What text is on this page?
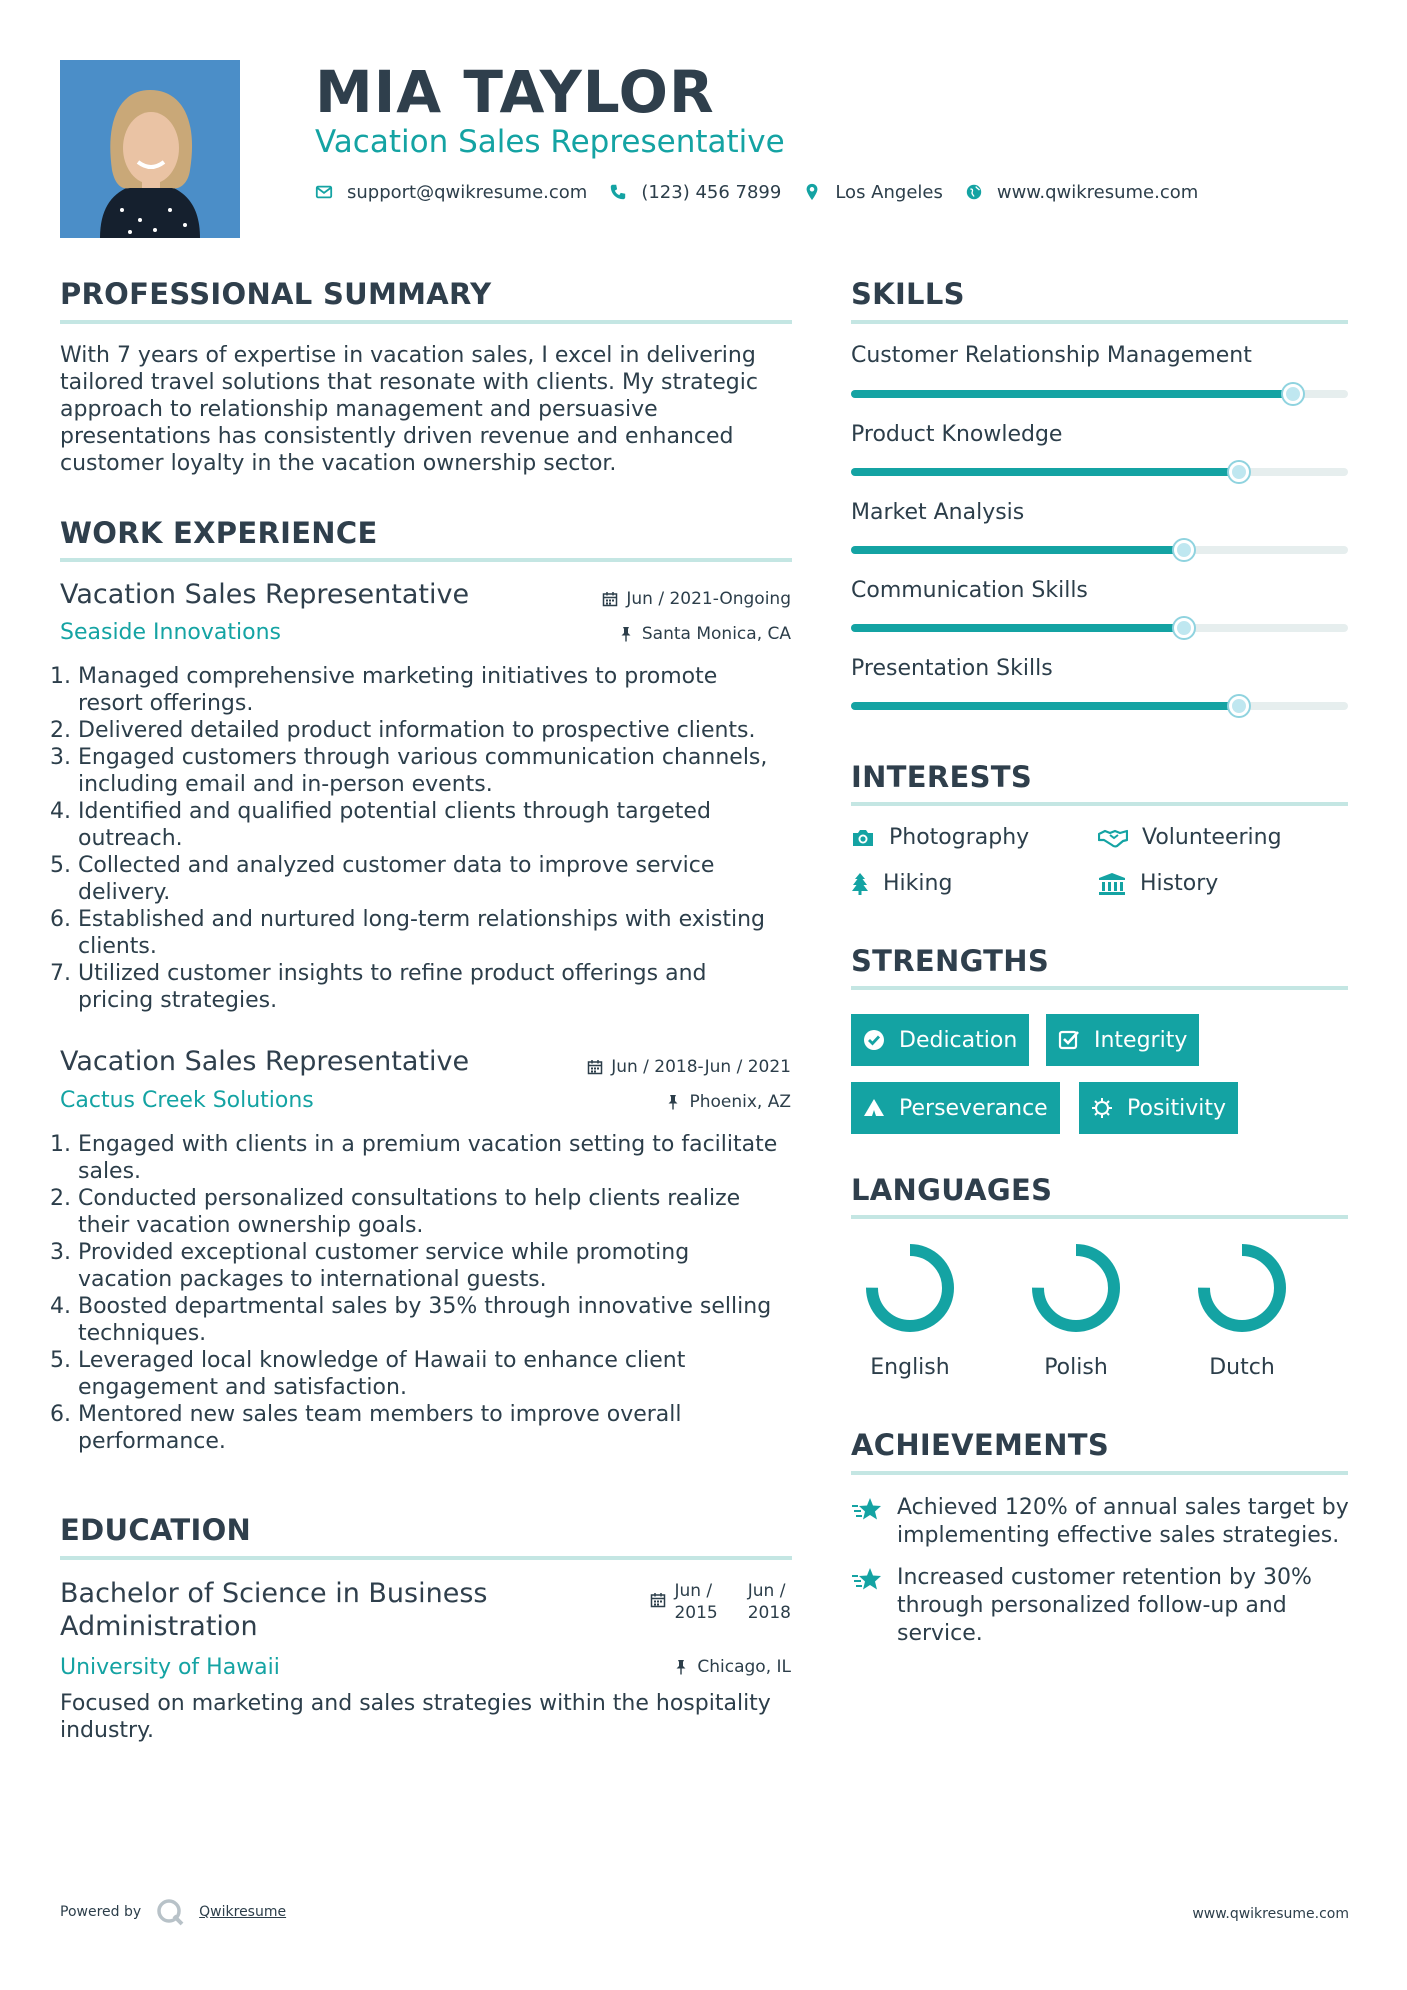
MIA TAYLOR
Vacation Sales Representative
support@qwikresume.com	(123) 456 7899	Los Angeles	www.qwikresume.com
PROFESSIONAL SUMMARY
With 7 years of expertise in vacation sales, I excel in delivering
tailored travel solutions that resonate with clients. My strategic
approach to relationship management and persuasive
presentations has consistently driven revenue and enhanced
customer loyalty in the vacation ownership sector.
WORK EXPERIENCE
Vacation Sales Representative	Jun / 2021-Ongoing
Seaside Innovations	Santa Monica, CA
1. Managed comprehensive marketing initiatives to promote
resort offerings.
2. Delivered detailed product information to prospective clients.
3. Engaged customers through various communication channels,
including email and in-person events.
4. Identified and qualified potential clients through targeted
outreach.
5. Collected and analyzed customer data to improve service
delivery.
6. Established and nurtured long-term relationships with existing
clients.
7. Utilized customer insights to refine product offerings and
pricing strategies.
Vacation Sales Representative	Jun / 2018-Jun / 2021
Cactus Creek Solutions	Phoenix, AZ
1. Engaged with clients in a premium vacation setting to facilitate
sales.
2. Conducted personalized consultations to help clients realize
their vacation ownership goals.
3. Provided exceptional customer service while promoting
vacation packages to international guests.
4. Boosted departmental sales by 35% through innovative selling
techniques.
5. Leveraged local knowledge of Hawaii to enhance client
engagement and satisfaction.
6. Mentored new sales team members to improve overall
performance.
EDUCATION
Bachelor of Science in Business
Administration
Jun /
2015
Jun /
2018
University of Hawaii	Chicago, IL
Focused on marketing and sales strategies within the hospitality
industry.
SKILLS
Customer Relationship Management
Product Knowledge
Market Analysis
Communication Skills
Presentation Skills
INTERESTS
Photography	Volunteering
Hiking	History
STRENGTHS
Dedication	Integrity
Perseverance	Positivity
LANGUAGES
English	Polish	Dutch
ACHIEVEMENTS
Achieved 120% of annual sales target by
implementing effective sales strategies.
Increased customer retention by 30%
through personalized follow-up and
service.
Powered by	Qwikresume	www.qwikresume.com
